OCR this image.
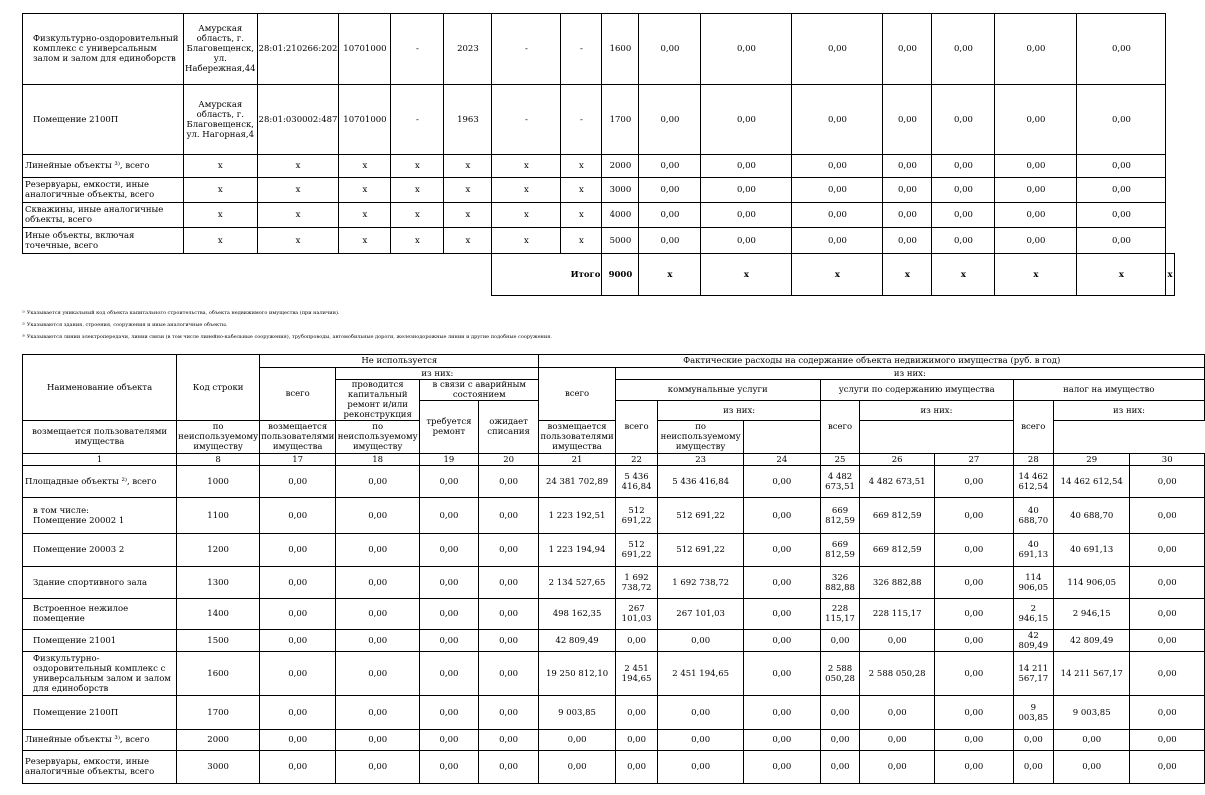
Физкультурно-оздоровительный комплекс с универсальным залом и залом для единоборств	Амурская область, г. Благовещенск, ул. Набережная,44	28:01:210266:202	10701000	-	2023	-	-	1600	0,00	0,00	0,00	0,00	0,00	0,00	0,00	
Помещение 2100П	Амурская область, г. Благовещенск, ул. Нагорная,4	28:01:030002:487	10701000	-	1963	-	-	1700	0,00	0,00	0,00	0,00	0,00	0,00	0,00	
Линейные объекты ³⁾, всего	x	x	x	x	x	x	x	2000	0,00	0,00	0,00	0,00	0,00	0,00	0,00	
Резервуары, емкости, иные аналогичные объекты, всего	x	x	x	x	x	x	x	3000	0,00	0,00	0,00	0,00	0,00	0,00	0,00	
Скважины, иные аналогичные объекты, всего	x	x	x	x	x	x	x	4000	0,00	0,00	0,00	0,00	0,00	0,00	0,00	
Иные объекты, включая точечные, всего	x	x	x	x	x	x	x	5000	0,00	0,00	0,00	0,00	0,00	0,00	0,00	
						Итого		9000	x	x	x	x	x	x	x	x
¹⁾ Указывается уникальный код объекта капитального строительства, объекта недвижимого имущества (при наличии).
²⁾ Указываются здания, строения, сооружения и иные аналогичные объекты.
³⁾ Указываются линии электропередачи, линии связи (в том числе линейно-кабельные сооружения), трубопроводы, автомобильные дороги, железнодорожные линии и другие подобные сооружения.
Наименование объекта	Код строки	Не используется				Фактические расходы на содержание объекта недвижимого имущества (руб. в год)									
		всего	из них:			всего	из них:								
			проводится капитальный ремонт и/или реконструкция	в связи с аварийным состоянием			коммунальные услуги			услуги по содержанию имущества			налог на имущество		
				требуется ремонт	ожидает списания		всего	из них:		всего	из них:		всего	из них:	
возмещается пользователями имущества	по неиспользуемому имуществу	возмещается пользователями имущества	по неиспользуемому имуществу			возмещается пользователями имущества		по неиспользуемому имуществу							
1	8	17	18	19	20	21	22	23	24	25	26	27	28	29	30
Площадные объекты ²⁾, всего	1000	0,00	0,00	0,00	0,00	24 381 702,89	5 436 416,84	5 436 416,84	0,00	4 482 673,51	4 482 673,51	0,00	14 462 612,54	14 462 612,54	0,00
в том числе:
Помещение 20002 1	1100	0,00	0,00	0,00	0,00	1 223 192,51	512 691,22	512 691,22	0,00	669 812,59	669 812,59	0,00	40 688,70	40 688,70	0,00
Помещение 20003 2	1200	0,00	0,00	0,00	0,00	1 223 194,94	512 691,22	512 691,22	0,00	669 812,59	669 812,59	0,00	40 691,13	40 691,13	0,00
Здание спортивного зала	1300	0,00	0,00	0,00	0,00	2 134 527,65	1 692 738,72	1 692 738,72	0,00	326 882,88	326 882,88	0,00	114 906,05	114 906,05	0,00
Встроенное нежилое помещение	1400	0,00	0,00	0,00	0,00	498 162,35	267 101,03	267 101,03	0,00	228 115,17	228 115,17	0,00	2 946,15	2 946,15	0,00
Помещение 21001	1500	0,00	0,00	0,00	0,00	42 809,49	0,00	0,00	0,00	0,00	0,00	0,00	42 809,49	42 809,49	0,00
Физкультурно-оздоровительный комплекс с универсальным залом и залом для единоборств	1600	0,00	0,00	0,00	0,00	19 250 812,10	2 451 194,65	2 451 194,65	0,00	2 588 050,28	2 588 050,28	0,00	14 211 567,17	14 211 567,17	0,00
Помещение 2100П	1700	0,00	0,00	0,00	0,00	9 003,85	0,00	0,00	0,00	0,00	0,00	0,00	9 003,85	9 003,85	0,00
Линейные объекты ³⁾, всего	2000	0,00	0,00	0,00	0,00	0,00	0,00	0,00	0,00	0,00	0,00	0,00	0,00	0,00	0,00
Резервуары, емкости, иные аналогичные объекты, всего	3000	0,00	0,00	0,00	0,00	0,00	0,00	0,00	0,00	0,00	0,00	0,00	0,00	0,00	0,00
